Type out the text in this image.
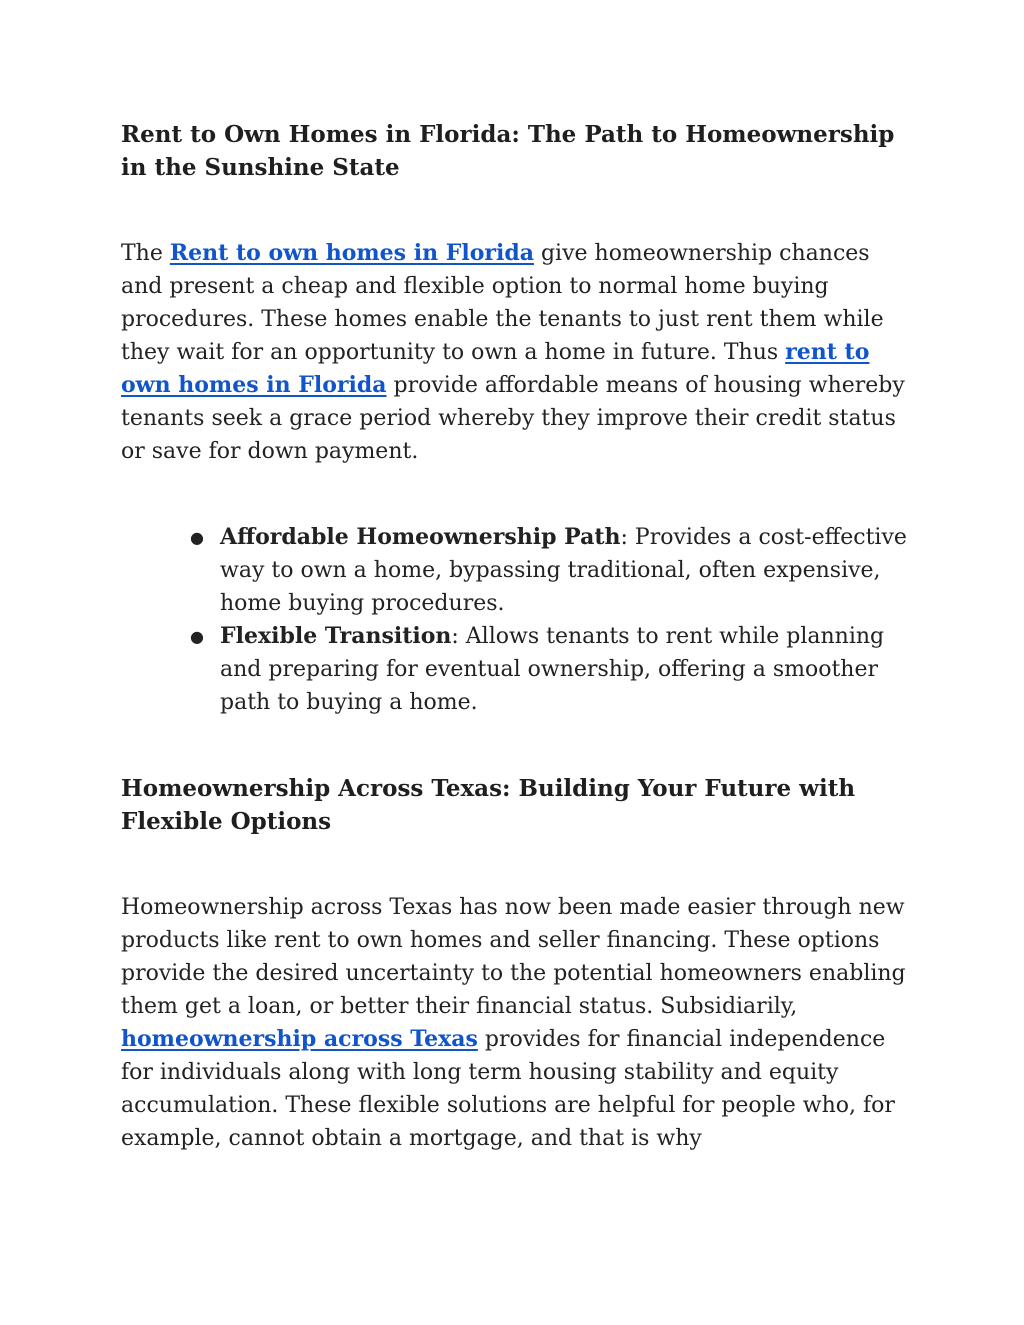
Rent to Own Homes in Florida: The Path to Homeownership in the Sunshine State

The Rent to own homes in Florida give homeownership chances and present a cheap and flexible option to normal home buying procedures. These homes enable the tenants to just rent them while they wait for an opportunity to own a home in future. Thus rent to own homes in Florida provide affordable means of housing whereby tenants seek a grace period whereby they improve their credit status or save for down payment.

● Affordable Homeownership Path: Provides a cost-effective way to own a home, bypassing traditional, often expensive, home buying procedures.
● Flexible Transition: Allows tenants to rent while planning and preparing for eventual ownership, offering a smoother path to buying a home.
Homeownership Across Texas: Building Your Future with Flexible Options

Homeownership across Texas has now been made easier through new products like rent to own homes and seller financing. These options provide the desired uncertainty to the potential homeowners enabling them get a loan, or better their financial status. Subsidiarily, homeownership across Texas provides for financial independence for individuals along with long term housing stability and equity accumulation. These flexible solutions are helpful for people who, for example, cannot obtain a mortgage, and that is why
